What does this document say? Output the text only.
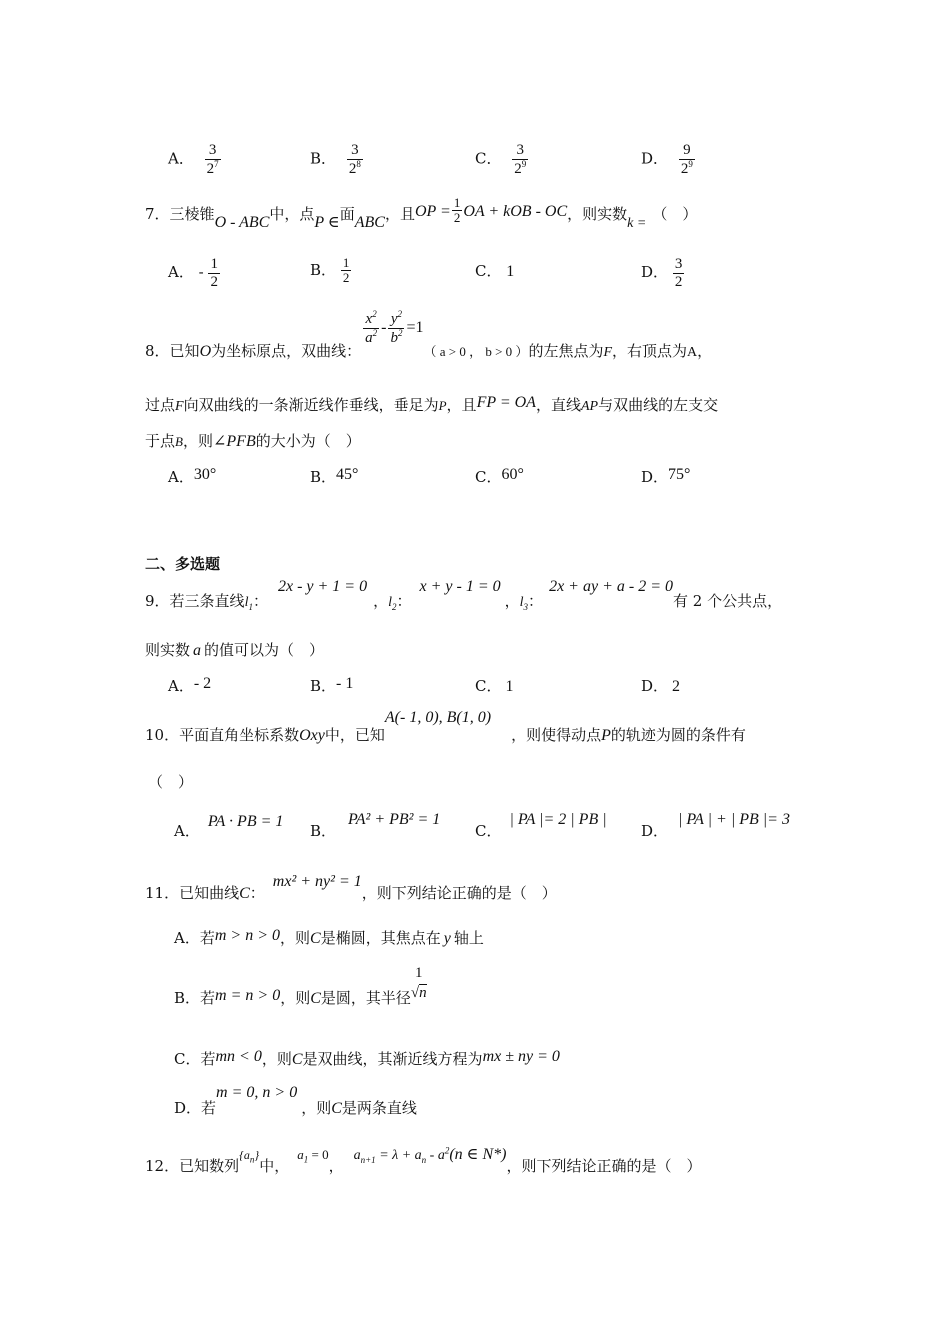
A． $\frac{3}{2^7}$	B． $\frac{3}{2^8}$	C． $\frac{3}{2^9}$	D． $\frac{9}{2^9}$
7．三棱锥O - ABC中，点P ∈面ABC，且OP = $\frac{1}{2}$ OA + kOB - OC，则实数k =（　）
A． - $\frac{1}{2}$	B． $\frac{1}{2}$	C． 1	D． $\frac{3}{2}$
8．已知O为坐标原点，双曲线：
$\frac{x^2}{a^2} - \frac{y^2}{b^2} =1$（ a > 0 ， b > 0 ）的左焦点为F，右顶点为A，
过点F向双曲线的一条渐近线作垂线，垂足为P，且FP = OA，直线AP与双曲线的左支交
于点B，则∠PFB的大小为（　）
A．30°	B．45°	C．60°	D．75°
二、多选题
9．若三条直线$l_1$：2x - y + 1 = 0，$l_2$：x + y - 1 = 0，$l_3$：2x + ay + a - 2 = 0有 2 个公共点，
则实数 a 的值可以为（　）
A．- 2	B．- 1	C． 1	D． 2
10．平面直角坐标系数Oxy中，已知A(- 1, 0), B(1, 0)，则使得动点P的轨迹为圆的条件有
（　）
A．PA · PB = 1
B．PA² + PB² = 1
C．| PA |= 2 | PB |
D．| PA | + | PB |= 3
11．已知曲线C：mx² + ny² = 1，则下列结论正确的是（　）
A．若m > n > 0，则C是椭圆，其焦点在 y 轴上
B．若m = n > 0，则C是圆，其半径
1
√n
C．若mn < 0，则C是双曲线，其渐近线方程为mx ± ny = 0
D．若m = 0, n > 0，则C是两条直线
12．已知数列$\{a_n\}$中，$a_1 = 0$，$a_{n+1} = \lambda + a_n - a^2(n$ ∈ N*)，则下列结论正确的是（　）
